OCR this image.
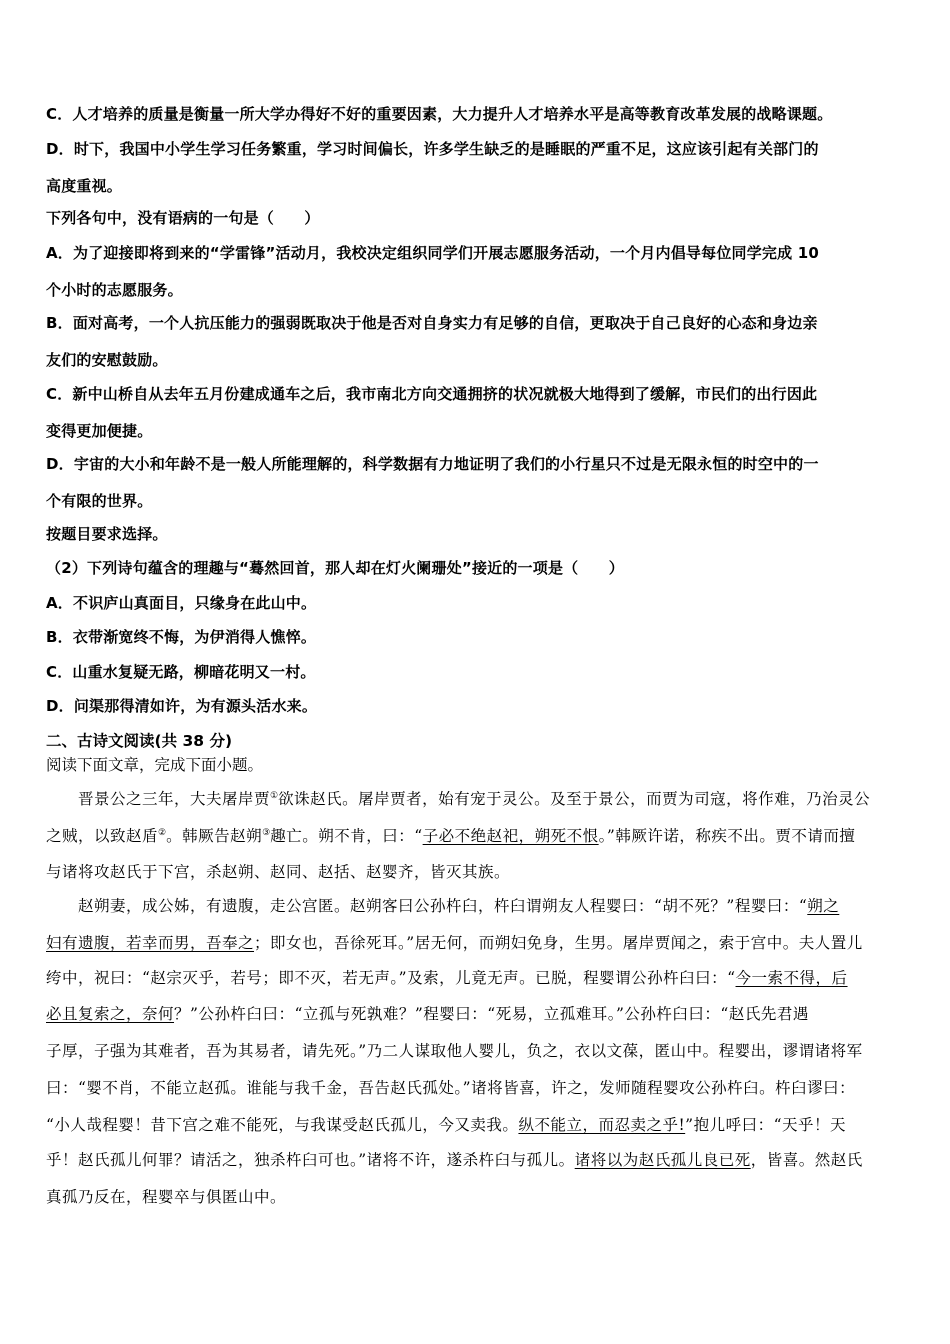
C．人才培养的质量是衡量一所大学办得好不好的重要因素，大力提升人才培养水平是高等教育改革发展的战略课题。
D．时下，我国中小学生学习任务繁重，学习时间偏长，许多学生缺乏的是睡眠的严重不足，这应该引起有关部门的
高度重视。
下列各句中，没有语病的一句是（　　）
A．为了迎接即将到来的“学雷锋”活动月，我校决定组织同学们开展志愿服务活动，一个月内倡导每位同学完成 10
个小时的志愿服务。
B．面对高考，一个人抗压能力的强弱既取决于他是否对自身实力有足够的自信，更取决于自己良好的心态和身边亲
友们的安慰鼓励。
C．新中山桥自从去年五月份建成通车之后，我市南北方向交通拥挤的状况就极大地得到了缓解，市民们的出行因此
变得更加便捷。
D．宇宙的大小和年龄不是一般人所能理解的，科学数据有力地证明了我们的小行星只不过是无限永恒的时空中的一
个有限的世界。
按题目要求选择。
（2）下列诗句蕴含的理趣与“蓦然回首，那人却在灯火阑珊处”接近的一项是（　　）
A．不识庐山真面目，只缘身在此山中。
B．衣带渐宽终不悔，为伊消得人憔悴。
C．山重水复疑无路，柳暗花明又一村。
D．问渠那得清如许，为有源头活水来。
二、古诗文阅读(共 38 分)
阅读下面文章，完成下面小题。
晋景公之三年，大夫屠岸贾①欲诛赵氏。屠岸贾者，始有宠于灵公。及至于景公，而贾为司寇，将作难，乃治灵公
之贼，以致赵盾②。韩厥告赵朔③趣亡。朔不肯，曰：“子必不绝赵祀，朔死不恨。”韩厥许诺，称疾不出。贾不请而擅
与诸将攻赵氏于下宫，杀赵朔、赵同、赵括、赵婴齐，皆灭其族。
赵朔妻，成公姊，有遗腹，走公宫匿。赵朔客曰公孙杵臼，杵臼谓朔友人程婴曰：“胡不死？”程婴曰：“朔之
妇有遗腹，若幸而男，吾奉之；即女也，吾徐死耳。”居无何，而朔妇免身，生男。屠岸贾闻之，索于宫中。夫人置儿
绔中，祝曰：“赵宗灭乎，若号；即不灭，若无声。”及索，儿竟无声。已脱，程婴谓公孙杵臼曰：“今一索不得，后
必且复索之，奈何？”公孙杵臼曰：“立孤与死孰难？”程婴曰：“死易，立孤难耳。”公孙杵臼曰：“赵氏先君遇
子厚，子强为其难者，吾为其易者，请先死。”乃二人谋取他人婴儿，负之，衣以文葆，匿山中。程婴出，谬谓诸将军
曰：“婴不肖，不能立赵孤。谁能与我千金，吾告赵氏孤处。”诸将皆喜，许之，发师随程婴攻公孙杵臼。杵臼谬曰：
“小人哉程婴！昔下宫之难不能死，与我谋受赵氏孤儿，今又卖我。纵不能立，而忍卖之乎!”抱儿呼曰：“天乎！天
乎！赵氏孤儿何罪？请活之，独杀杵臼可也。”诸将不许，遂杀杵臼与孤儿。诸将以为赵氏孤儿良已死，皆喜。然赵氏
真孤乃反在，程婴卒与俱匿山中。
